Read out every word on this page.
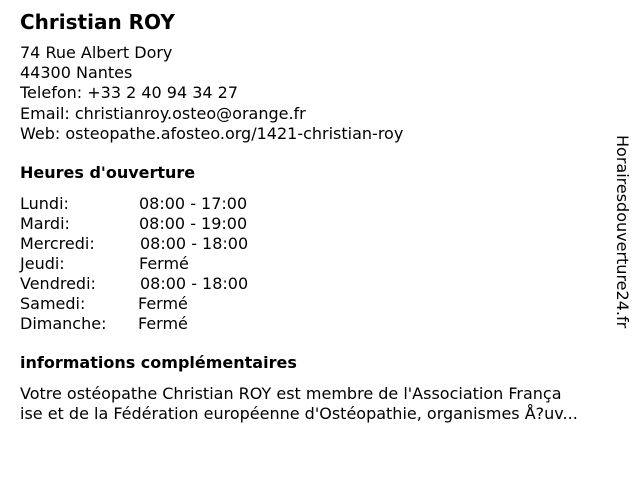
Christian ROY
74 Rue Albert Dory
44300 Nantes
Telefon: +33 2 40 94 34 27
Email: christianroy.osteo@orange.fr
Web: osteopathe.afosteo.org/1421-christian-roy
Heures d'ouverture
Lundi:	08:00 - 17:00
Mardi:	08:00 - 19:00
Mercredi:	08:00 - 18:00
Jeudi:	Fermé
Vendredi:	08:00 - 18:00
Samedi:	Fermé
Dimanche: Fermé
informations complémentaires
Votre ostéopathe Christian ROY est membre de l'Association Françа
ise et de la Fédération européenne d'Ostéopathie, organismes Å?uv...
Horairesdouverture24.fr
